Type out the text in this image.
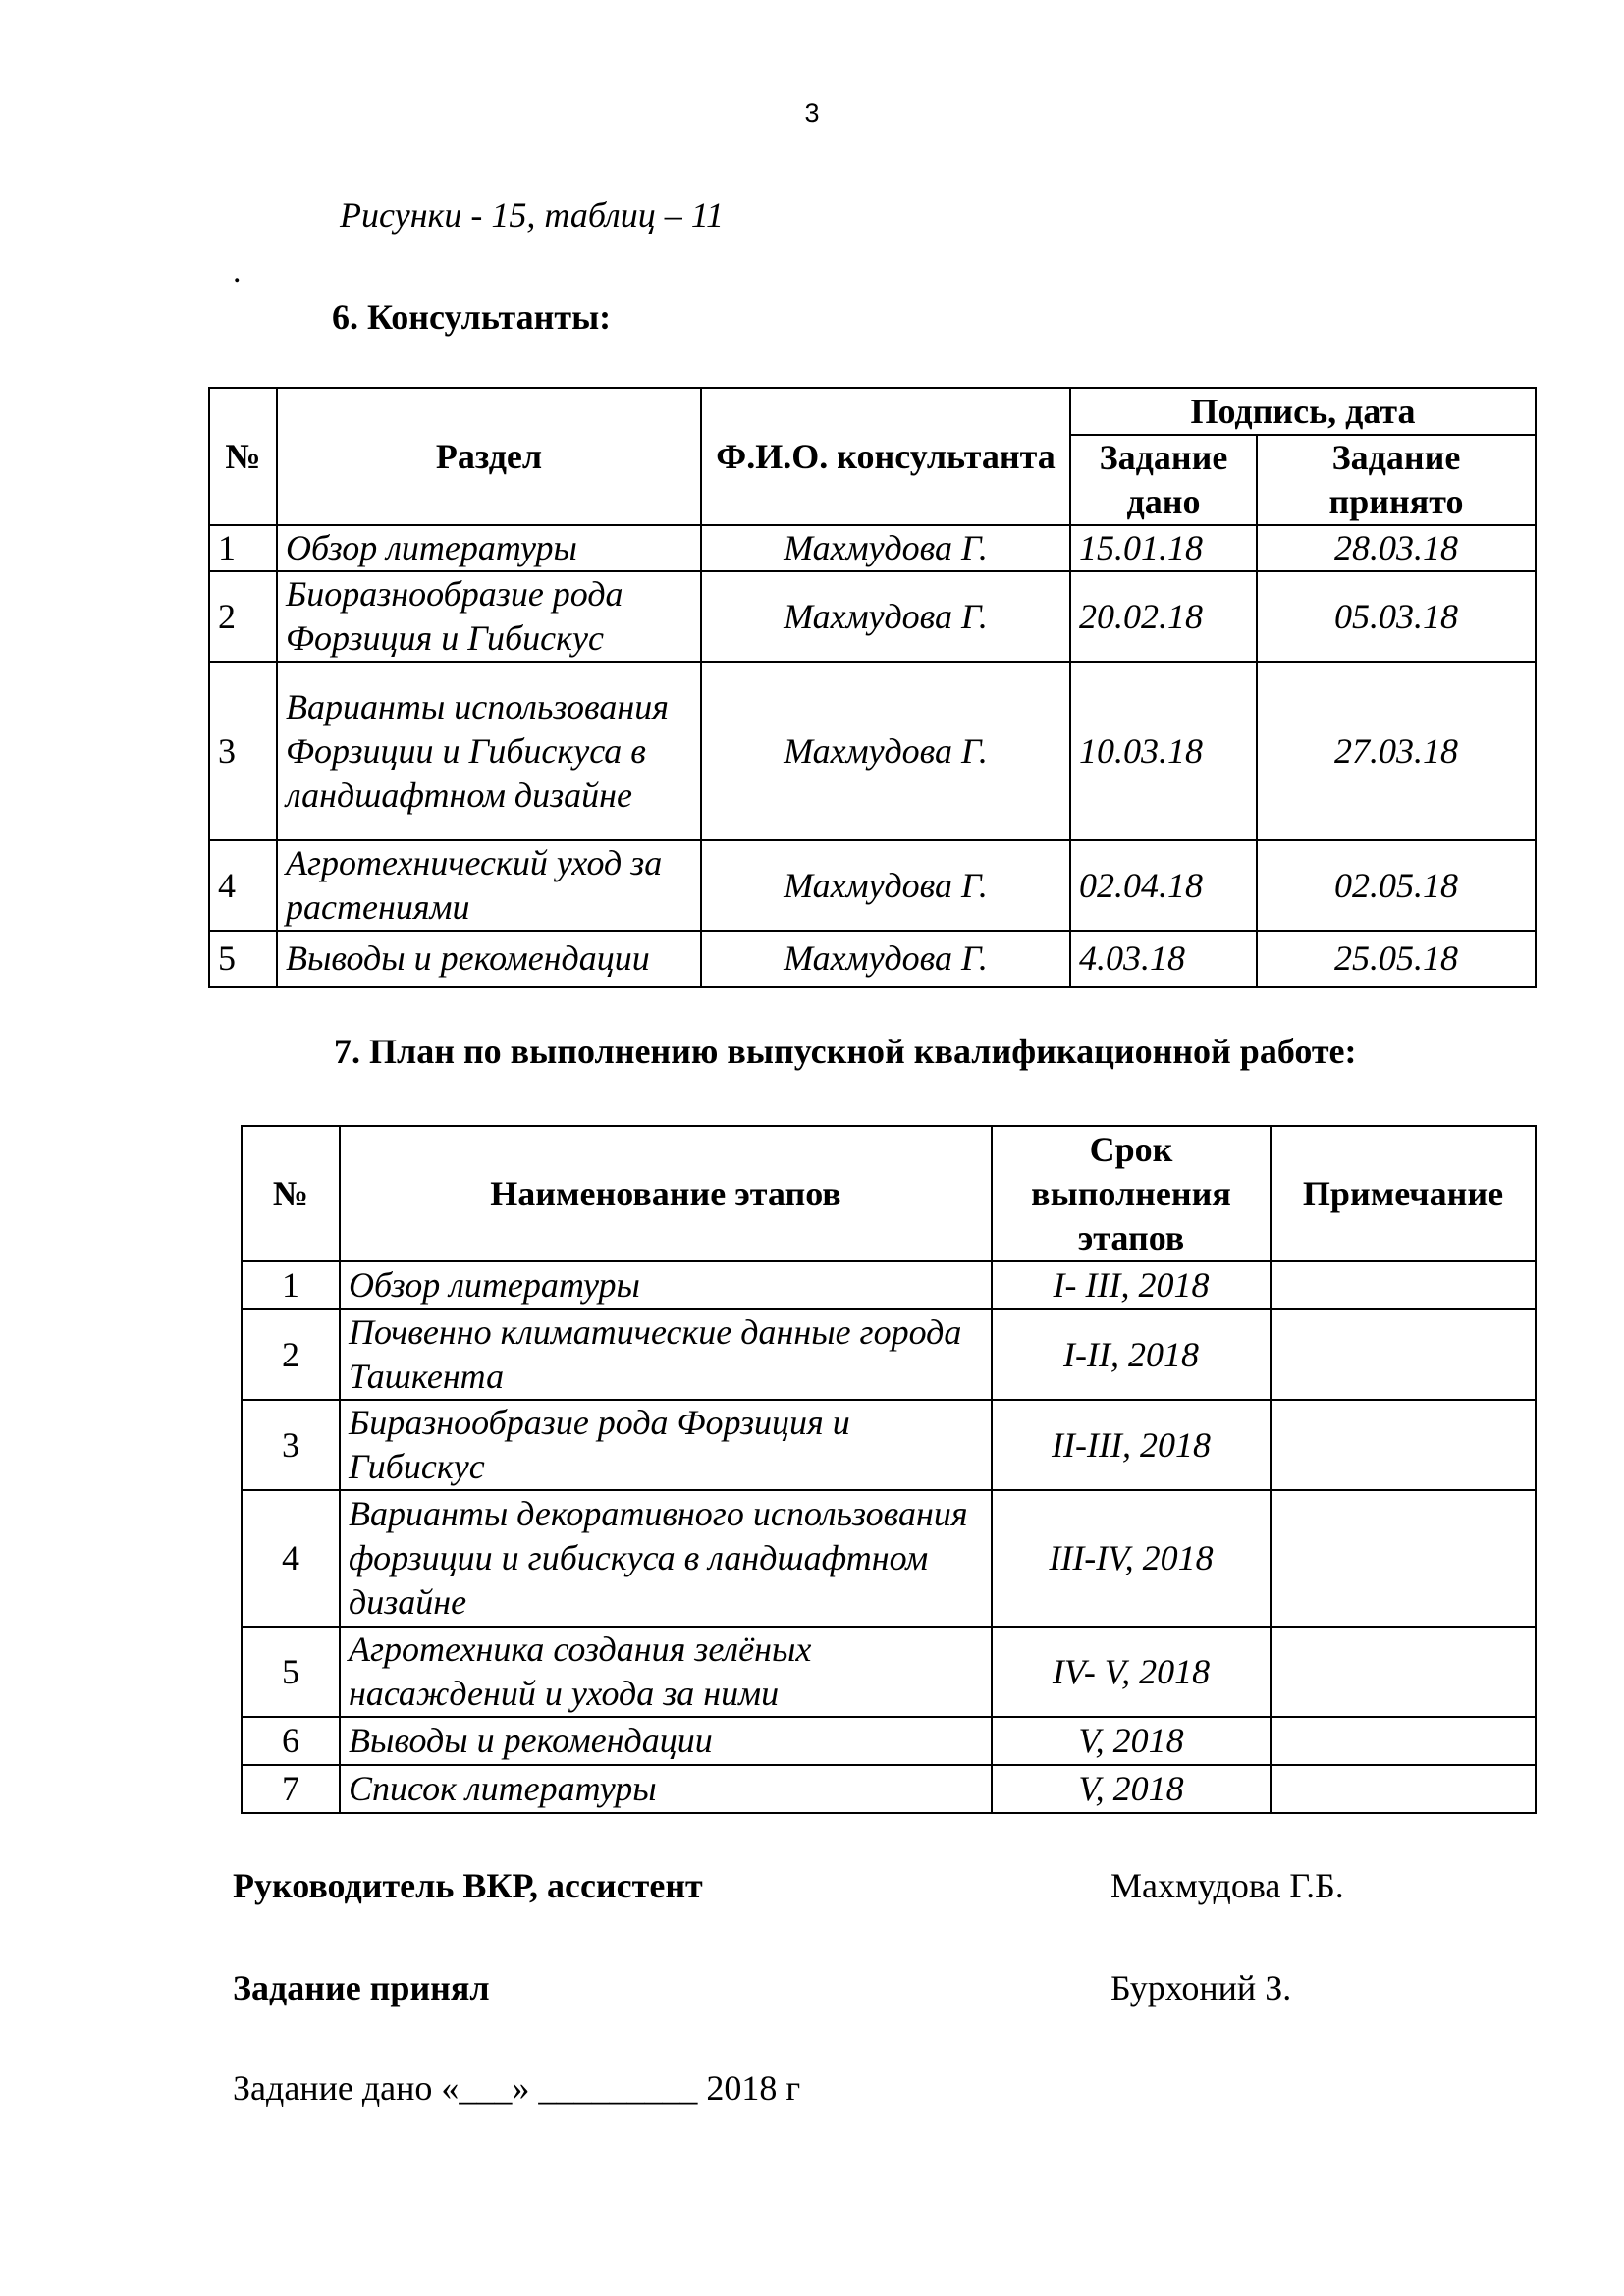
3
Рисунки - 15, таблиц – 11
.
6. Консультанты:
№	Раздел	Ф.И.О. консультанта	Подпись, дата	
			Задание дано	Задание принято
1	Обзор литературы	Махмудова Г.	15.01.18	28.03.18
2	Биоразнообразие рода Форзиция и Гибискус	Махмудова Г.	20.02.18	05.03.18
3	Варианты использования Форзиции и Гибискуса в ландшафтном дизайне	Махмудова Г.	10.03.18	27.03.18
4	Агротехнический уход за растениями	Махмудова Г.	02.04.18	02.05.18
5	Выводы и рекомендации	Махмудова Г.	4.03.18	25.05.18
7. План по выполнению выпускной квалификационной работе:
№	Наименование этапов	Срок выполнения этапов	Примечание
1	Обзор литературы	I- III, 2018	
2	Почвенно климатические данные города Ташкента	I-II, 2018	
3	Биразнообразие рода Форзиция и Гибискус	II-III, 2018	
4	Варианты декоративного использования форзиции и гибискуса в ландшафтном дизайне	III-IV, 2018	
5	Агротехника создания зелёных насаждений и ухода за ними	IV- V, 2018	
6	Выводы и рекомендации	V, 2018	
7	Список литературы	V, 2018	
Руководитель ВКР, ассистент	Махмудова Г.Б.
Задание принял	Бурхоний З.
Задание дано «___» _________ 2018 г
